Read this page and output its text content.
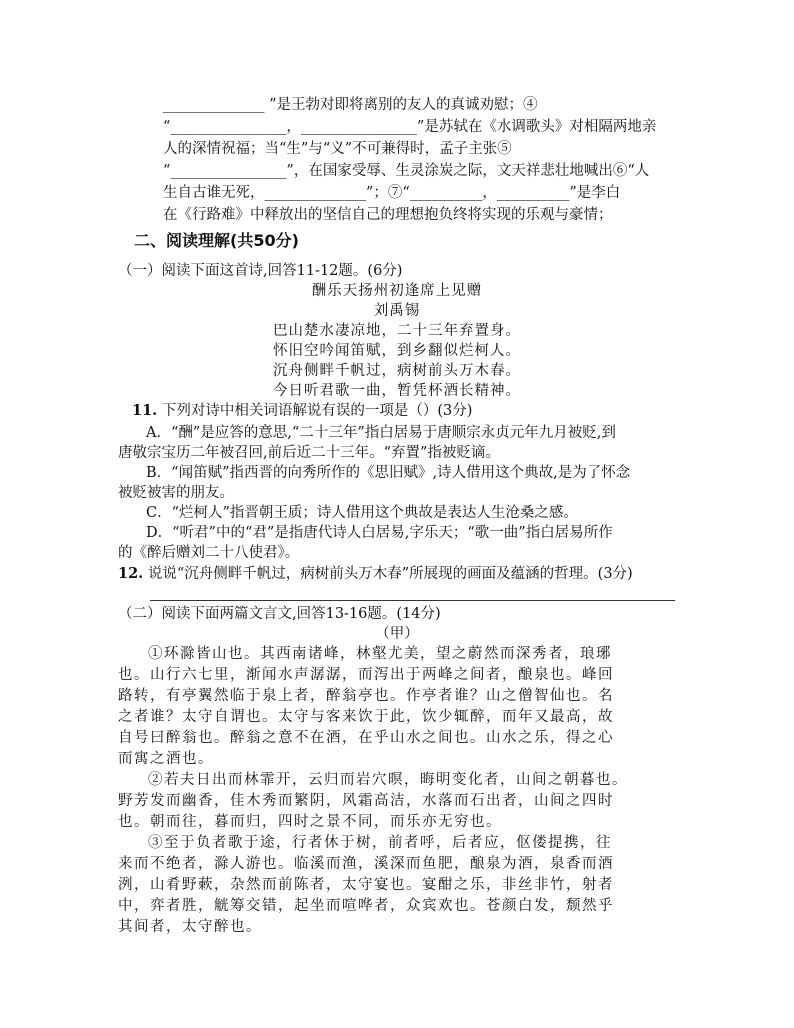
______________ ”是王勃对即将离别的友人的真诚劝慰；④
“________________，________________”是苏轼在《水调歌头》对相隔两地亲
人的深情祝福；当“生”与“义”不可兼得时，孟子主张⑤
“________________”，在国家受辱、生灵涂炭之际，文天祥悲壮地喊出⑥“人
生自古谁无死，______________”；⑦“__________，__________”是李白
在《行路难》中释放出的坚信自己的理想抱负终将实现的乐观与豪情；
二、阅读理解(共50分)
（一）阅读下面这首诗,回答11-12题。(6分)
酬乐天扬州初逢席上见赠
刘禹锡
巴山楚水凄凉地，二十三年弃置身。
怀旧空吟闻笛赋，到乡翻似烂柯人。
沉舟侧畔千帆过，病树前头万木春。
今日听君歌一曲，暂凭杯酒长精神。
11. 下列对诗中相关词语解说有误的一项是（）(3分)
A．“酬”是应答的意思,“二十三年”指白居易于唐顺宗永贞元年九月被贬,到
唐敬宗宝历二年被召回,前后近二十三年。“弃置”指被贬谪。
B．“闻笛赋”指西晋的向秀所作的《思旧赋》,诗人借用这个典故,是为了怀念
被贬被害的朋友。
C．“烂柯人”指晋朝王质；诗人借用这个典故是表达人生沧桑之感。
D．“听君”中的“君”是指唐代诗人白居易,字乐天；“歌一曲”指白居易所作
的《醉后赠刘二十八使君》。
12. 说说“沉舟侧畔千帆过，病树前头万木春”所展现的画面及蕴涵的哲理。(3分)
（二）阅读下面两篇文言文,回答13-16题。(14分)
（甲）
　①环滁皆山也。其西南诸峰，林壑尤美，望之蔚然而深秀者，琅琊
也。山行六七里，渐闻水声潺潺，而泻出于两峰之间者，酿泉也。峰回
路转，有亭翼然临于泉上者，醉翁亭也。作亭者谁？山之僧智仙也。名
之者谁？太守自谓也。太守与客来饮于此，饮少辄醉，而年又最高，故
自号曰醉翁也。醉翁之意不在酒，在乎山水之间也。山水之乐，得之心
而寓之酒也。
　②若夫日出而林霏开，云归而岩穴暝，晦明变化者，山间之朝暮也。
野芳发而幽香，佳木秀而繁阴，风霜高洁，水落而石出者，山间之四时
也。朝而往，暮而归，四时之景不同，而乐亦无穷也。
　③至于负者歌于途，行者休于树，前者呼，后者应，伛偻提携，往
来而不绝者，滁人游也。临溪而渔，溪深而鱼肥，酿泉为酒，泉香而酒
洌，山肴野蔌，杂然而前陈者，太守宴也。宴酣之乐，非丝非竹，射者
中，弈者胜，觥筹交错，起坐而喧哗者，众宾欢也。苍颜白发，颓然乎
其间者，太守醉也。
